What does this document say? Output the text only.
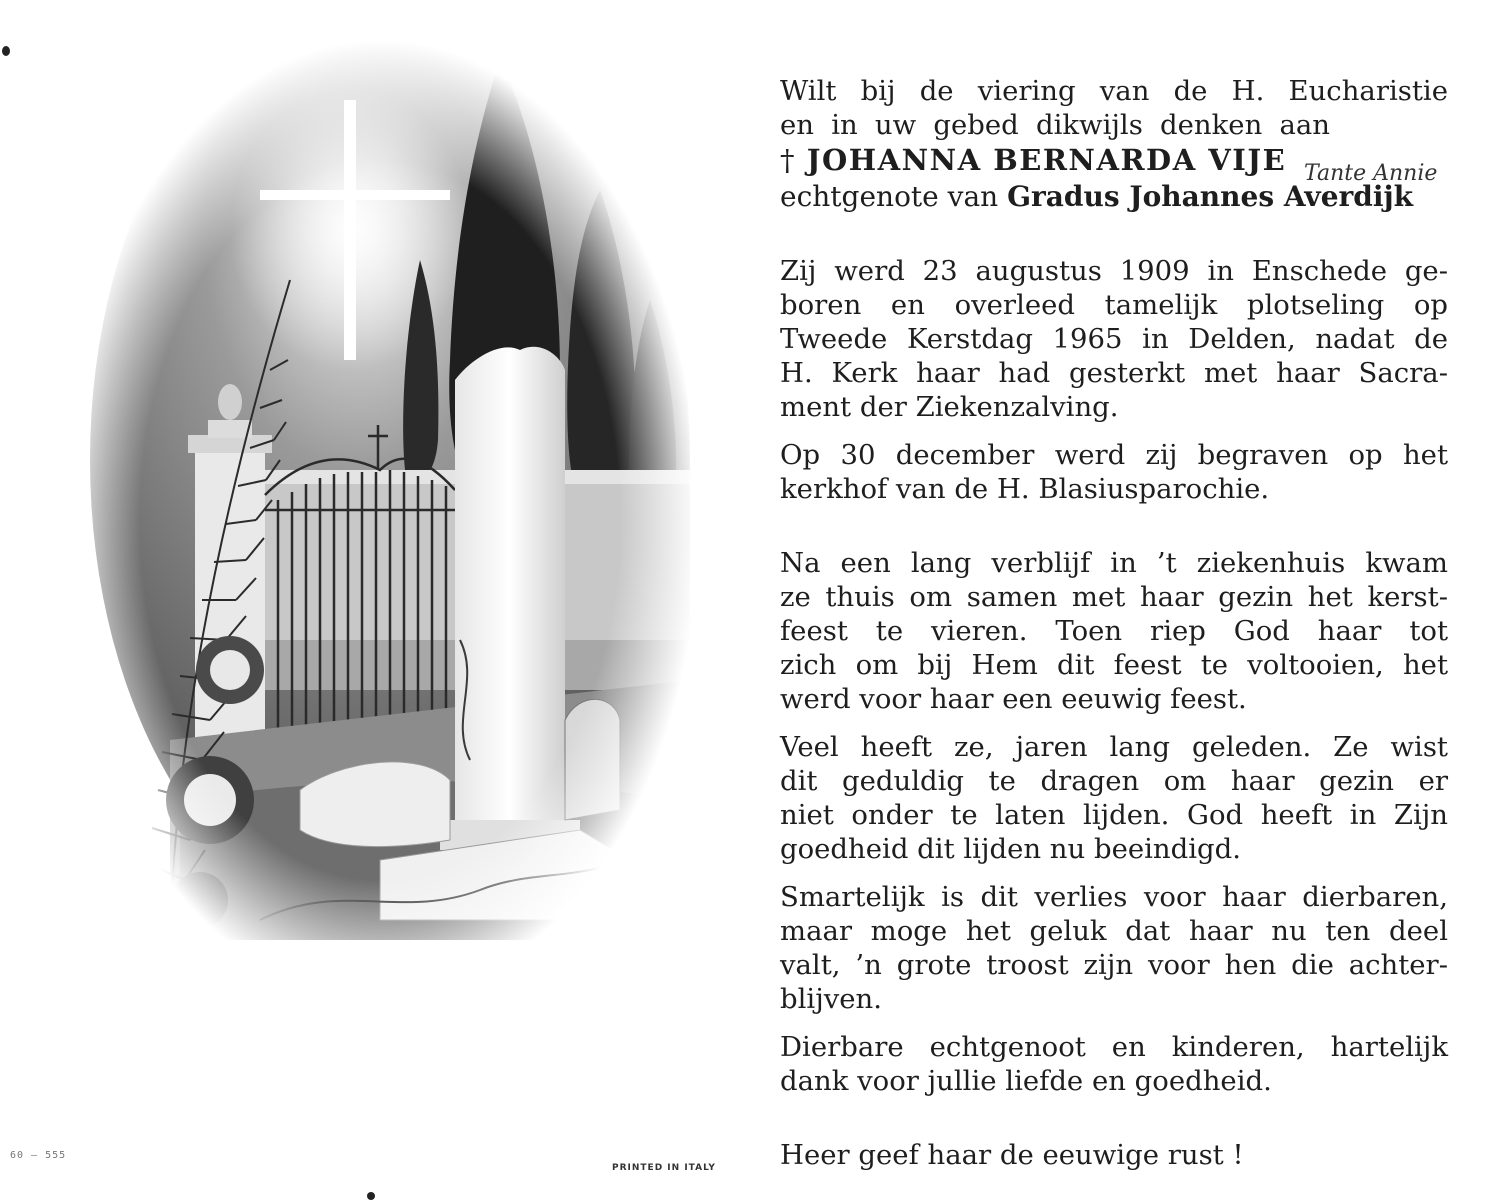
Tante Annie

Wilt bij de viering van de H. Eucharistie

en in uw gebed dikwijls denken aan

† JOHANNA BERNARDA VIJE

echtgenote van Gradus Johannes Averdijk

Zij werd 23 augustus 1909 in Enschede ge-

boren en overleed tamelijk plotseling op

Tweede Kerstdag 1965 in Delden, nadat de

H. Kerk haar had gesterkt met haar Sacra-

ment der Ziekenzalving.

Op 30 december werd zij begraven op het

kerkhof van de H. Blasiusparochie.

Na een lang verblijf in ’t ziekenhuis kwam

ze thuis om samen met haar gezin het kerst-

feest te vieren. Toen riep God haar tot

zich om bij Hem dit feest te voltooien, het

werd voor haar een eeuwig feest.

Veel heeft ze, jaren lang geleden. Ze wist

dit geduldig te dragen om haar gezin er

niet onder te laten lijden. God heeft in Zijn

goedheid dit lijden nu beeindigd.

Smartelijk is dit verlies voor haar dierbaren,

maar moge het geluk dat haar nu ten deel

valt, ’n grote troost zijn voor hen die achter-

blijven.

Dierbare echtgenoot en kinderen, hartelijk

dank voor jullie liefde en goedheid.

Heer geef haar de eeuwige rust !

60 — 555
PRINTED IN ITALY
